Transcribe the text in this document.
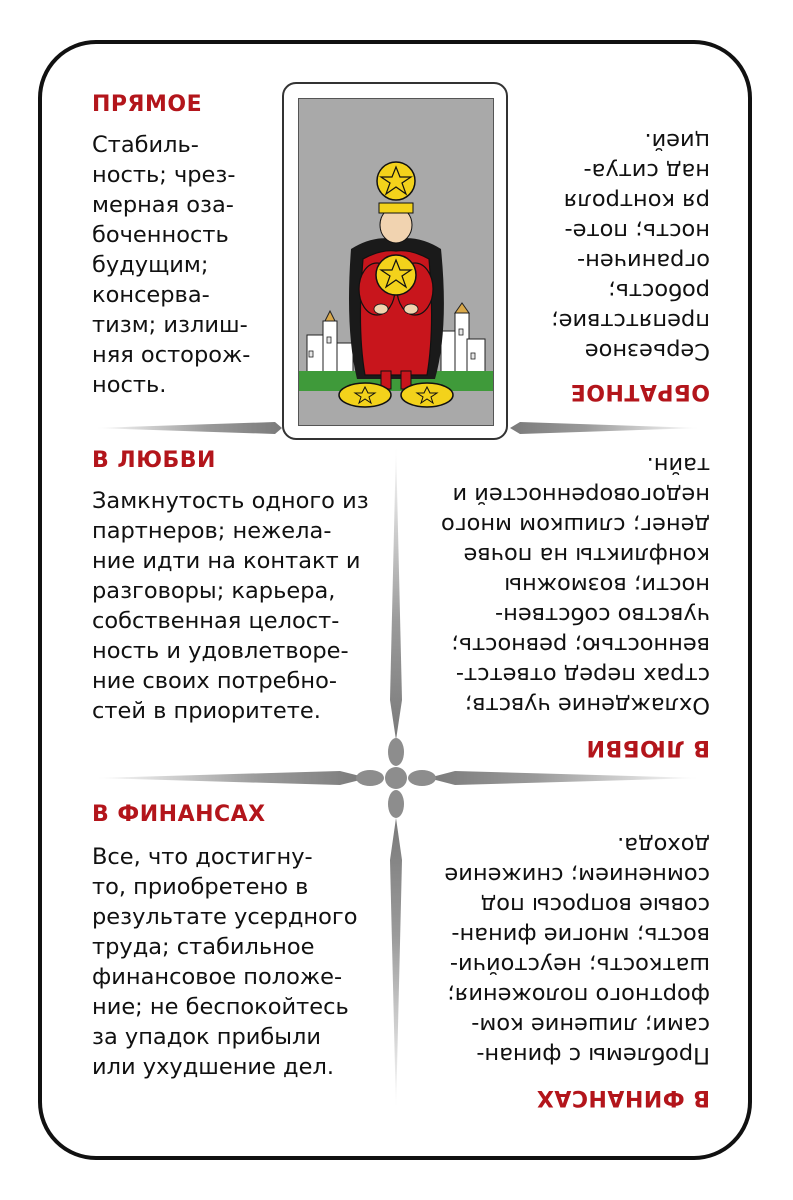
ПРЯМОЕ
Стабиль-
ность; чрез-
мерная оза-
боченность
будущим;
консерва-
тизм; излиш-
няя осторож-
ность.	ОБРАТНОЕ
Серьезное
препятствие;
робость;
ограничен-
ность; поте-
ря контроля
над ситуа-
цией.
В ЛЮБВИ
Замкнутость одного из
партнеров; нежела-
ние идти на контакт и
разговоры; карьера,
собственная целост-
ность и удовлетворе-
ние своих потребно-
стей в приоритете.
В ЛЮБВИ
Охлаждение чувств;
страх перед ответст-
венностью; ревность;
чувство собствен-
ности; возможны
конфликты на почве
денег; слишком много
недоговоренностей и
тайн.
В ФИНАНСАХ
Все, что достигну-
то, приобретено в
результате усердного
труда; стабильное
финансовое положе-
ние; не беспокойтесь
за упадок прибыли
или ухудшение дел.
В ФИНАНСАХ
Проблемы с финан-
сами; лишение ком-
фортного положения;
шаткость; неустойчи-
вость; многие финан-
совые вопросы под
сомнением; снижение
дохода.
